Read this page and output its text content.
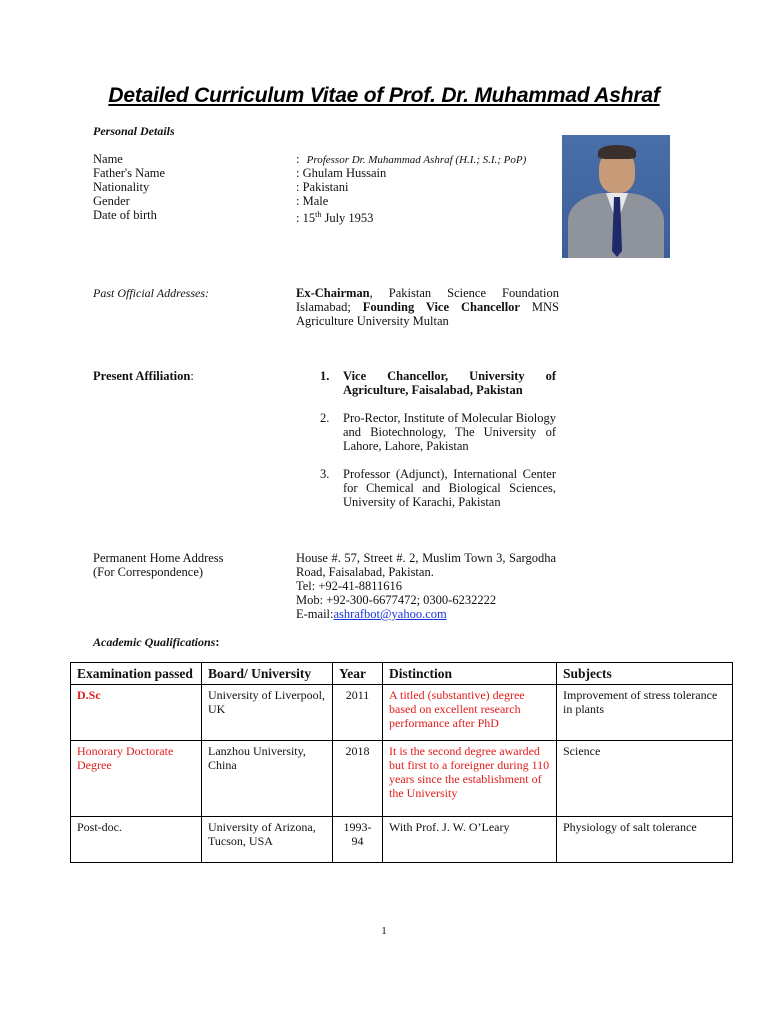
Detailed Curriculum Vitae of Prof. Dr. Muhammad Ashraf
Personal Details
Name	: Professor Dr. Muhammad Ashraf (H.I.; S.I.; PoP)
Father's Name	: Ghulam Hussain
Nationality	: Pakistani
Gender	: Male
Date of birth	: 15th July 1953
Past Official Addresses:	Ex-Chairman, Pakistan Science Foundation Islamabad; Founding Vice Chancellor MNS Agriculture University Multan
Present Affiliation:	1. Vice Chancellor, University of Agriculture, Faisalabad, Pakistan
2. Pro-Rector, Institute of Molecular Biology and Biotechnology, The University of Lahore, Lahore, Pakistan
3. Professor (Adjunct), International Center for Chemical and Biological Sciences, University of Karachi, Pakistan
Permanent Home Address
(For Correspondence)
House #. 57, Street #. 2, Muslim Town 3, Sargodha Road, Faisalabad, Pakistan.
Tel: +92-41-8811616
Mob: +92-300-6677472; 0300-6232222
E-mail:ashrafbot@yahoo.com
Academic Qualifications:
Examination passed	Board/ University	Year	Distinction	Subjects
D.Sc	University of Liverpool, UK	2011	A titled (substantive) degree based on excellent research performance after PhD	Improvement of stress tolerance in plants
Honorary Doctorate Degree	Lanzhou University, China	2018	It is the second degree awarded but first to a foreigner during 110 years since the establishment of the University	Science
Post-doc.	University of Arizona, Tucson, USA	1993-94	With Prof. J. W. O’Leary	Physiology of salt tolerance
1
